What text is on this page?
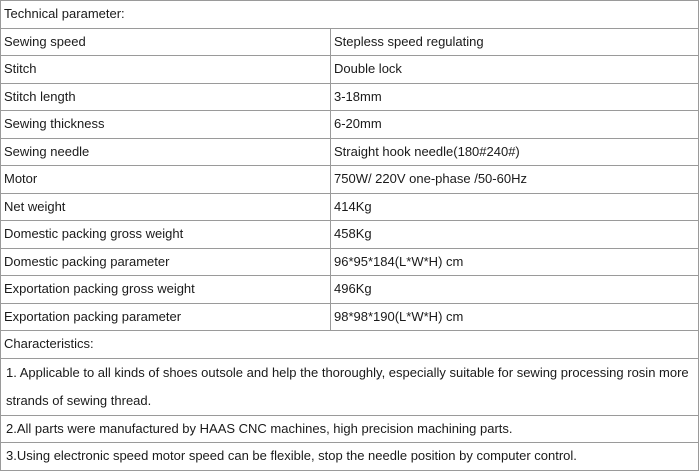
Technical parameter:	
Sewing speed	Stepless speed regulating
Stitch	Double lock
Stitch length	3-18mm
Sewing thickness	6-20mm
Sewing needle	Straight hook needle(180#240#)
Motor	750W/ 220V one-phase /50-60Hz
Net weight	414Kg
Domestic packing gross weight	458Kg
Domestic packing parameter	96*95*184(L*W*H) cm
Exportation packing gross weight	496Kg
Exportation packing parameter	98*98*190(L*W*H) cm
Characteristics:	
1. Applicable to all kinds of shoes outsole and help the thoroughly, especially suitable for sewing processing rosin more strands of sewing thread.	
2.All parts were manufactured by HAAS CNC machines, high precision machining parts.	
3.Using electronic speed motor speed can be flexible, stop the needle position by computer control.	
